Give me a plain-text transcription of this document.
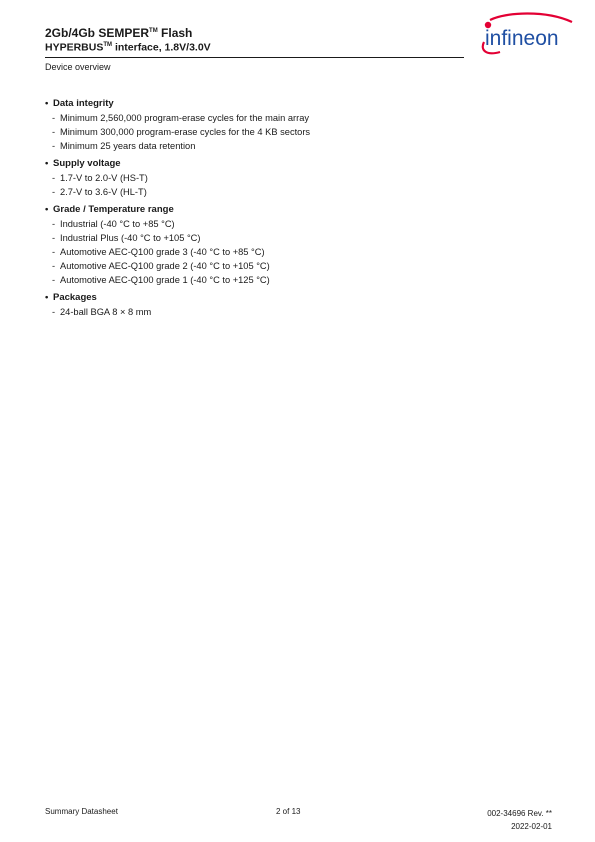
2Gb/4Gb SEMPER™ Flash
HYPERBUS™ interface, 1.8V/3.0V
Device overview
infineon
• Data integrity
- Minimum 2,560,000 program-erase cycles for the main array
- Minimum 300,000 program-erase cycles for the 4 KB sectors
- Minimum 25 years data retention
• Supply voltage
- 1.7-V to 2.0-V (HS-T)
- 2.7-V to 3.6-V (HL-T)
• Grade / Temperature range
- Industrial (-40 °C to +85 °C)
- Industrial Plus (-40 °C to +105 °C)
- Automotive AEC-Q100 grade 3 (-40 °C to +85 °C)
- Automotive AEC-Q100 grade 2 (-40 °C to +105 °C)
- Automotive AEC-Q100 grade 1 (-40 °C to +125 °C)
• Packages
- 24-ball BGA 8 × 8 mm
Summary Datasheet	2 of 13	002-34696 Rev. **
2022-02-01
